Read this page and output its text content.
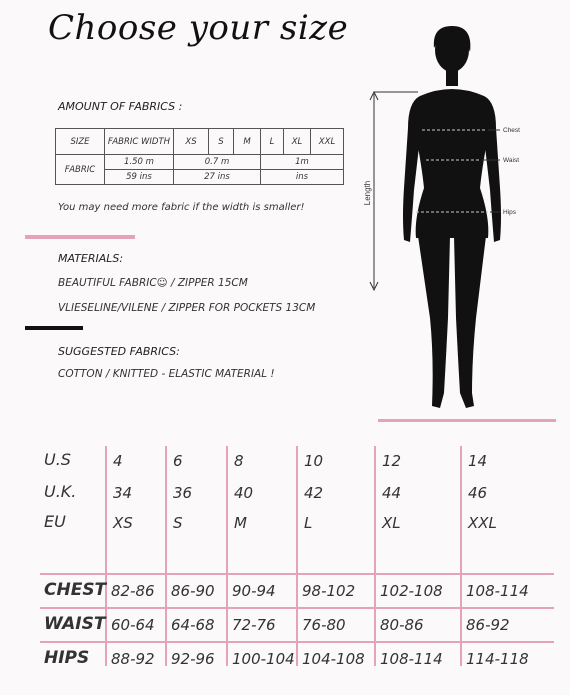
Choose your size
AMOUNT OF FABRICS :
SIZE	FABRIC WIDTH	XS	S	M	L	XL	XXL
FABRIC	1.50 m	0.7 m			1m		
	59 ins	27 ins			ins		
You may need more fabric if the width is smaller!
MATERIALS:
BEAUTIFUL FABRIC☺ / ZIPPER 15CM
VLIESELINE/VILENE / ZIPPER FOR POCKETS 13CM
SUGGESTED FABRICS:
COTTON / KNITTED - ELASTIC MATERIAL !
Length
Chest
Waist
Hips
U.S	4	6	8	10	12	14
U.K. 34	36	40	42	44	46
EU	XS	S	M	L	XL	XXL
CHEST 82-86 86-90 90-94 98-102 102-108 108-114
WAIST 60-64 64-68 72-76 76-80 80-86	86-92
HIPS 88-92 92-96 100-104 104-108 108-114 114-118
